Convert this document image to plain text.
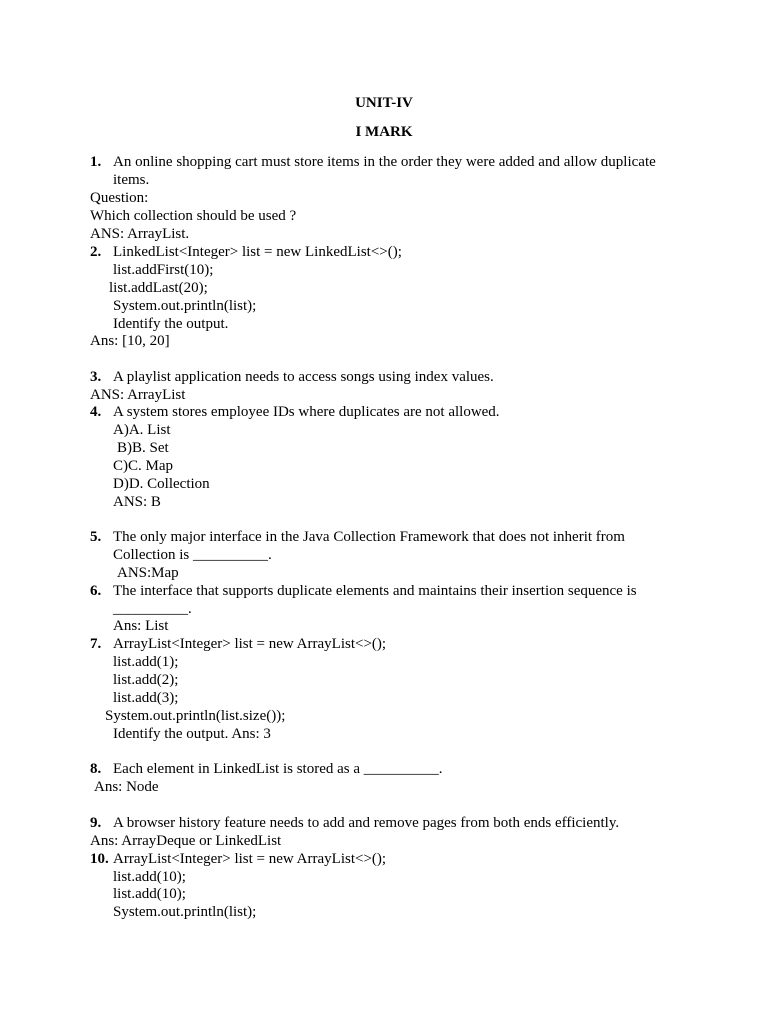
UNIT-IV
I MARK
1. An online shopping cart must store items in the order they were added and allow duplicate
items.
Question:
Which collection should be used ?
ANS: ArrayList.
2. LinkedList<Integer> list = new LinkedList<>();
list.addFirst(10);
list.addLast(20);
System.out.println(list);
Identify the output.
Ans: [10, 20]
3. A playlist application needs to access songs using index values.
ANS: ArrayList
4. A system stores employee IDs where duplicates are not allowed.
A)A. List
B)B. Set
C)C. Map
D)D. Collection
ANS: B
5. The only major interface in the Java Collection Framework that does not inherit from
Collection is __________.
ANS:Map
6. The interface that supports duplicate elements and maintains their insertion sequence is
__________.
Ans: List
7. ArrayList<Integer> list = new ArrayList<>();
list.add(1);
list.add(2);
list.add(3);
System.out.println(list.size());
Identify the output. Ans: 3
8. Each element in LinkedList is stored as a __________.
Ans: Node
9. A browser history feature needs to add and remove pages from both ends efficiently.
Ans: ArrayDeque or LinkedList
10. ArrayList<Integer> list = new ArrayList<>();
list.add(10);
list.add(10);
System.out.println(list);
